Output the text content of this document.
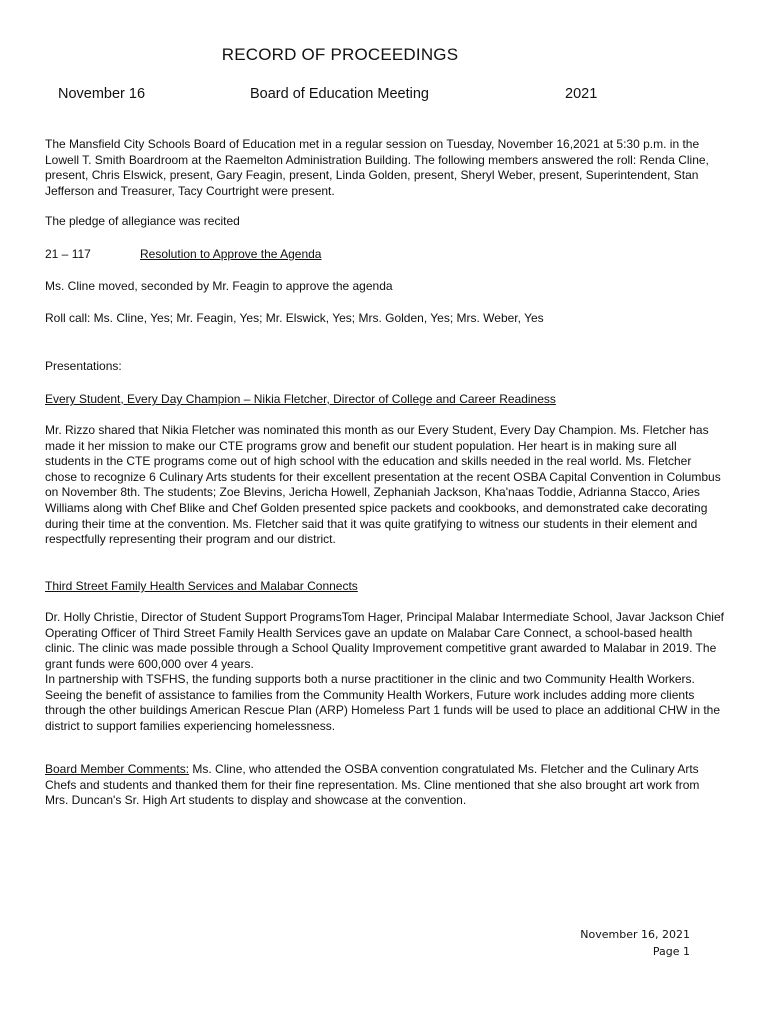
RECORD OF PROCEEDINGS
November 16	Board of Education Meeting	2021

The Mansfield City Schools Board of Education met in a regular session on Tuesday, November 16,2021 at 5:30 p.m. in the Lowell T. Smith Boardroom at the Raemelton Administration Building. The following members answered the roll: Renda Cline, present, Chris Elswick, present, Gary Feagin, present, Linda Golden, present, Sheryl Weber, present, Superintendent, Stan Jefferson and Treasurer, Tacy Courtright were present.

The pledge of allegiance was recited

21 – 117	Resolution to Approve the Agenda

Ms. Cline moved, seconded by Mr. Feagin to approve the agenda

Roll call: Ms. Cline, Yes; Mr. Feagin, Yes; Mr. Elswick, Yes; Mrs. Golden, Yes; Mrs. Weber, Yes

Presentations:

Every Student, Every Day Champion – Nikia Fletcher, Director of College and Career Readiness

Mr. Rizzo shared that Nikia Fletcher was nominated this month as our Every Student, Every Day Champion. Ms. Fletcher has made it her mission to make our CTE programs grow and benefit our student population. Her heart is in making sure all students in the CTE programs come out of high school with the education and skills needed in the real world. Ms. Fletcher chose to recognize 6 Culinary Arts students for their excellent presentation at the recent OSBA Capital Convention in Columbus on November 8th. The students; Zoe Blevins, Jericha Howell, Zephaniah Jackson, Kha'naas Toddie, Adrianna Stacco, Aries Williams along with Chef Blike and Chef Golden presented spice packets and cookbooks, and demonstrated cake decorating during their time at the convention. Ms. Fletcher said that it was quite gratifying to witness our students in their element and respectfully representing their program and our district.

Third Street Family Health Services and Malabar Connects

Dr. Holly Christie, Director of Student Support ProgramsTom Hager, Principal Malabar Intermediate School, Javar Jackson Chief Operating Officer of Third Street Family Health Services gave an update on Malabar Care Connect, a school-based health clinic. The clinic was made possible through a School Quality Improvement competitive grant awarded to Malabar in 2019. The grant funds were 600,000 over 4 years.

In partnership with TSFHS, the funding supports both a nurse practitioner in the clinic and two Community Health Workers. Seeing the benefit of assistance to families from the Community Health Workers, Future work includes adding more clients through the other buildings American Rescue Plan (ARP) Homeless Part 1 funds will be used to place an additional CHW in the district to support families experiencing homelessness.

Board Member Comments: Ms. Cline, who attended the OSBA convention congratulated Ms. Fletcher and the Culinary Arts Chefs and students and thanked them for their fine representation. Ms. Cline mentioned that she also brought art work from Mrs. Duncan's Sr. High Art students to display and showcase at the convention.

November 16, 2021
Page 1
